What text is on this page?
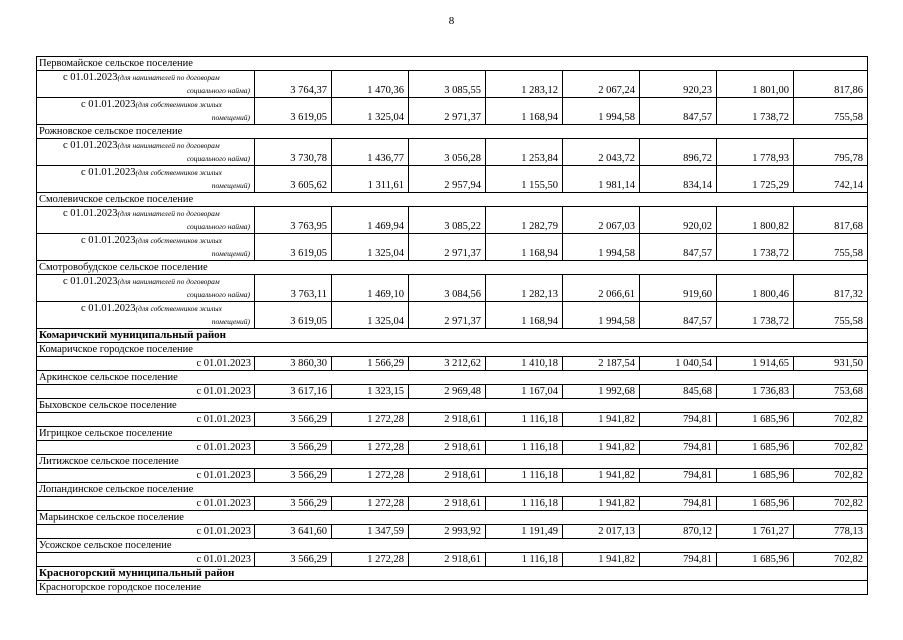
8
Первомайское сельское поселение								

с 01.01.2023(для нанимателей по договорам
социального найма)	3 764,37	1 470,36	3 085,55	1 283,12	2 067,24	920,23	1 801,00	817,86

с 01.01.2023(для собственников жилых
помещений)	3 619,05	1 325,04	2 971,37	1 168,94	1 994,58	847,57	1 738,72	755,58
Рожновское сельское поселение								

с 01.01.2023(для нанимателей по договорам
социального найма)	3 730,78	1 436,77	3 056,28	1 253,84	2 043,72	896,72	1 778,93	795,78

с 01.01.2023(для собственников жилых
помещений)	3 605,62	1 311,61	2 957,94	1 155,50	1 981,14	834,14	1 725,29	742,14
Смолевичское сельское поселение								

с 01.01.2023(для нанимателей по договорам
социального найма)	3 763,95	1 469,94	3 085,22	1 282,79	2 067,03	920,02	1 800,82	817,68

с 01.01.2023(для собственников жилых
помещений)	3 619,05	1 325,04	2 971,37	1 168,94	1 994,58	847,57	1 738,72	755,58
Смотровобудское сельское поселение								

с 01.01.2023(для нанимателей по договорам
социального найма)	3 763,11	1 469,10	3 084,56	1 282,13	2 066,61	919,60	1 800,46	817,32

с 01.01.2023(для собственников жилых
помещений)	3 619,05	1 325,04	2 971,37	1 168,94	1 994,58	847,57	1 738,72	755,58
Комаричский муниципальный район								
Комаричское городское поселение								
с 01.01.2023	3 860,30	1 566,29	3 212,62	1 410,18	2 187,54	1 040,54	1 914,65	931,50
Аркинское сельское поселение								
с 01.01.2023	3 617,16	1 323,15	2 969,48	1 167,04	1 992,68	845,68	1 736,83	753,68
Быховское сельское поселение								
с 01.01.2023	3 566,29	1 272,28	2 918,61	1 116,18	1 941,82	794,81	1 685,96	702,82
Игрицкое сельское поселение								
с 01.01.2023	3 566,29	1 272,28	2 918,61	1 116,18	1 941,82	794,81	1 685,96	702,82
Литижское сельское поселение								
с 01.01.2023	3 566,29	1 272,28	2 918,61	1 116,18	1 941,82	794,81	1 685,96	702,82
Лопандинское сельское поселение								
с 01.01.2023	3 566,29	1 272,28	2 918,61	1 116,18	1 941,82	794,81	1 685,96	702,82
Марьинское сельское поселение								
с 01.01.2023	3 641,60	1 347,59	2 993,92	1 191,49	2 017,13	870,12	1 761,27	778,13
Усожское сельское поселение								
с 01.01.2023	3 566,29	1 272,28	2 918,61	1 116,18	1 941,82	794,81	1 685,96	702,82
Красногорский муниципальный район								
Красногорское городское поселение								
